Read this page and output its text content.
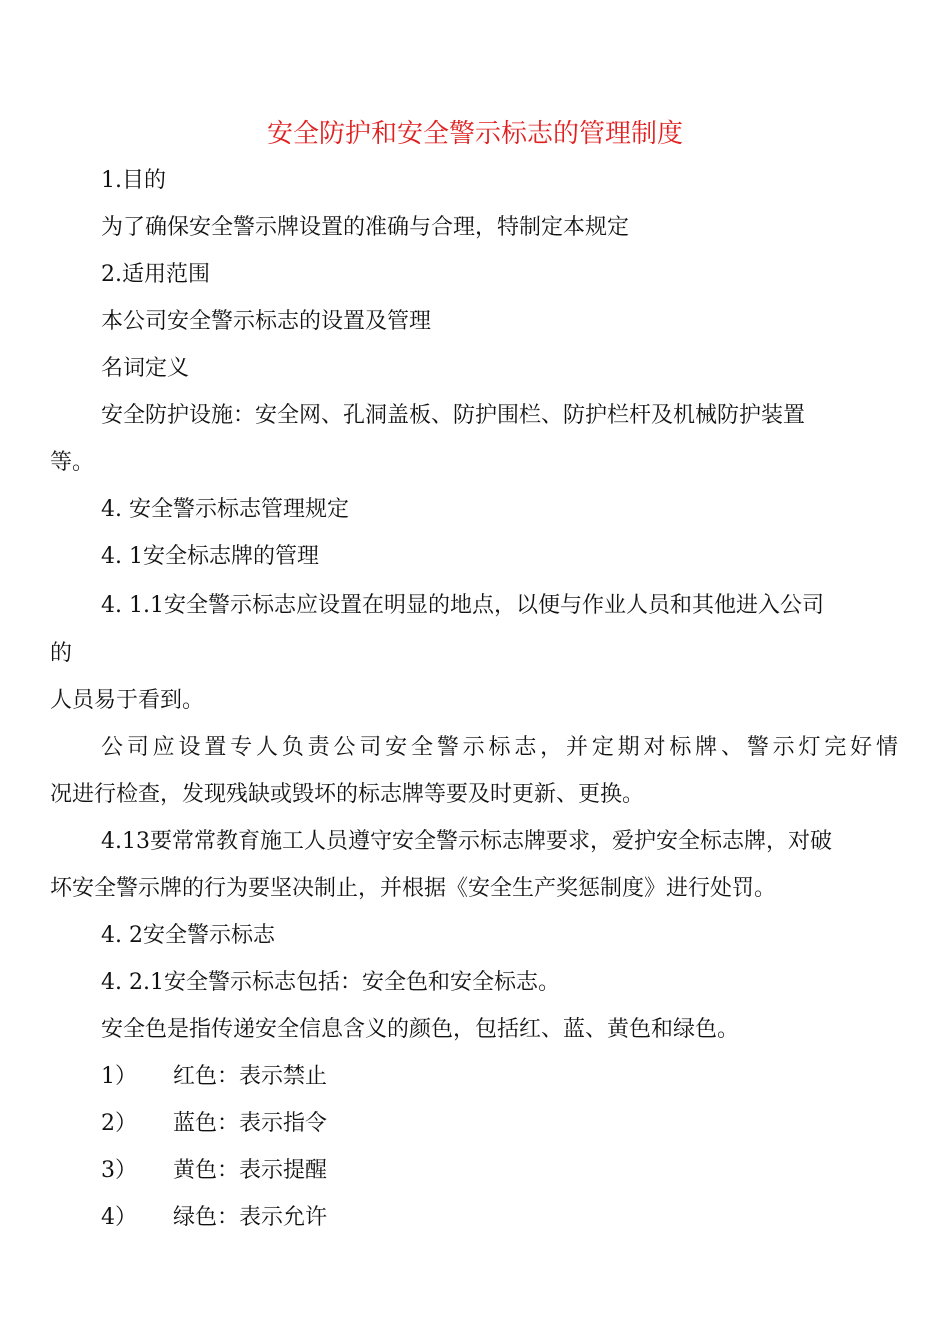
安全防护和安全警示标志的管理制度

1.目的

为了确保安全警示牌设置的准确与合理，特制定本规定

2.适用范围

本公司安全警示标志的设置及管理

名词定义

安全防护设施：安全网、孔洞盖板、防护围栏、防护栏杆及机械防护装置

等。

4. 安全警示标志管理规定

4. 1安全标志牌的管理

4. 1.1安全警示标志应设置在明显的地点，以便与作业人员和其他进入公司

的

人员易于看到。

公司应设置专人负责公司安全警示标志，并定期对标牌、警示灯完好情

况进行检查，发现残缺或毁坏的标志牌等要及时更新、更换。

4.13要常常教育施工人员遵守安全警示标志牌要求，爱护安全标志牌，对破

坏安全警示牌的行为要坚决制止，并根据《安全生产奖惩制度》进行处罚。

4. 2安全警示标志

4. 2.1安全警示标志包括：安全色和安全标志。

安全色是指传递安全信息含义的颜色，包括红、蓝、黄色和绿色。

1） 红色：表示禁止
2） 蓝色：表示指令
3） 黄色：表示提醒
4） 绿色：表示允许
